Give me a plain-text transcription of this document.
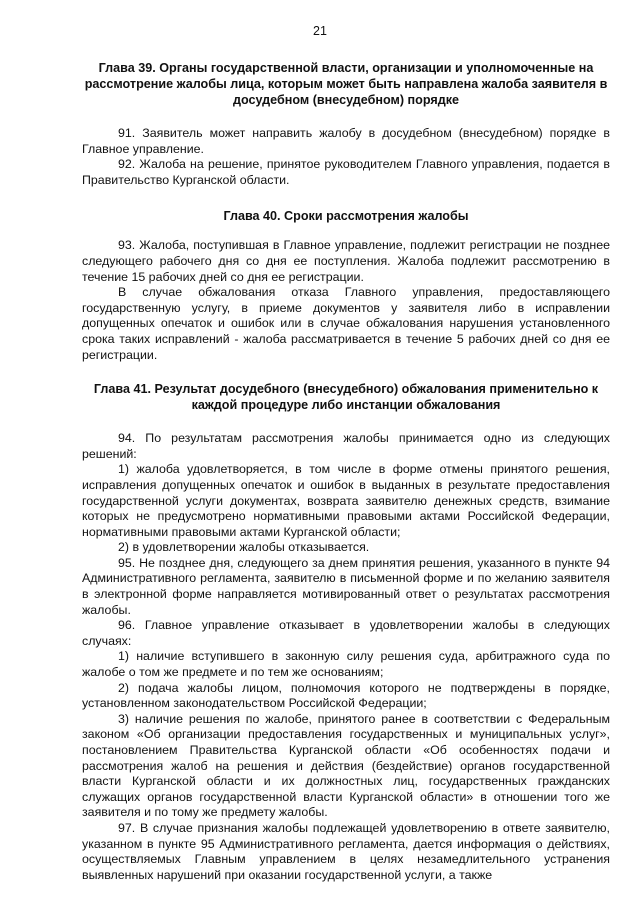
21
Глава 39. Органы государственной власти, организации и уполномоченные на рассмотрение жалобы лица, которым может быть направлена жалоба заявителя в досудебном (внесудебном) порядке

91. Заявитель может направить жалобу в досудебном (внесудебном) порядке в Главное управление.

92. Жалоба на решение, принятое руководителем Главного управления, подается в Правительство Курганской области.

Глава 40. Сроки рассмотрения жалобы

93. Жалоба, поступившая в Главное управление, подлежит регистрации не позднее следующего рабочего дня со дня ее поступления. Жалоба подлежит рассмотрению в течение 15 рабочих дней со дня ее регистрации.

В случае обжалования отказа Главного управления, предоставляющего государственную услугу, в приеме документов у заявителя либо в исправлении допущенных опечаток и ошибок или в случае обжалования нарушения установленного срока таких исправлений - жалоба рассматривается в течение 5 рабочих дней со дня ее регистрации.

Глава 41. Результат досудебного (внесудебного) обжалования применительно к каждой процедуре либо инстанции обжалования

94. По результатам рассмотрения жалобы принимается одно из следующих решений:

1) жалоба удовлетворяется, в том числе в форме отмены принятого решения, исправления допущенных опечаток и ошибок в выданных в результате предоставления государственной услуги документах, возврата заявителю денежных средств, взимание которых не предусмотрено нормативными правовыми актами Российской Федерации, нормативными правовыми актами Курганской области;

2) в удовлетворении жалобы отказывается.

95. Не позднее дня, следующего за днем принятия решения, указанного в пункте 94 Административного регламента, заявителю в письменной форме и по желанию заявителя в электронной форме направляется мотивированный ответ о результатах рассмотрения жалобы.

96. Главное управление отказывает в удовлетворении жалобы в следующих случаях:

1) наличие вступившего в законную силу решения суда, арбитражного суда по жалобе о том же предмете и по тем же основаниям;

2) подача жалобы лицом, полномочия которого не подтверждены в порядке, установленном законодательством Российской Федерации;

3) наличие решения по жалобе, принятого ранее в соответствии с Федеральным законом «Об организации предоставления государственных и муниципальных услуг», постановлением Правительства Курганской области «Об особенностях подачи и рассмотрения жалоб на решения и действия (бездействие) органов государственной власти Курганской области и их должностных лиц, государственных гражданских служащих органов государственной власти Курганской области» в отношении того же заявителя и по тому же предмету жалобы.

97. В случае признания жалобы подлежащей удовлетворению в ответе заявителю, указанном в пункте 95 Административного регламента, дается информация о действиях, осуществляемых Главным управлением в целях незамедлительного устранения выявленных нарушений при оказании государственной услуги, а также
